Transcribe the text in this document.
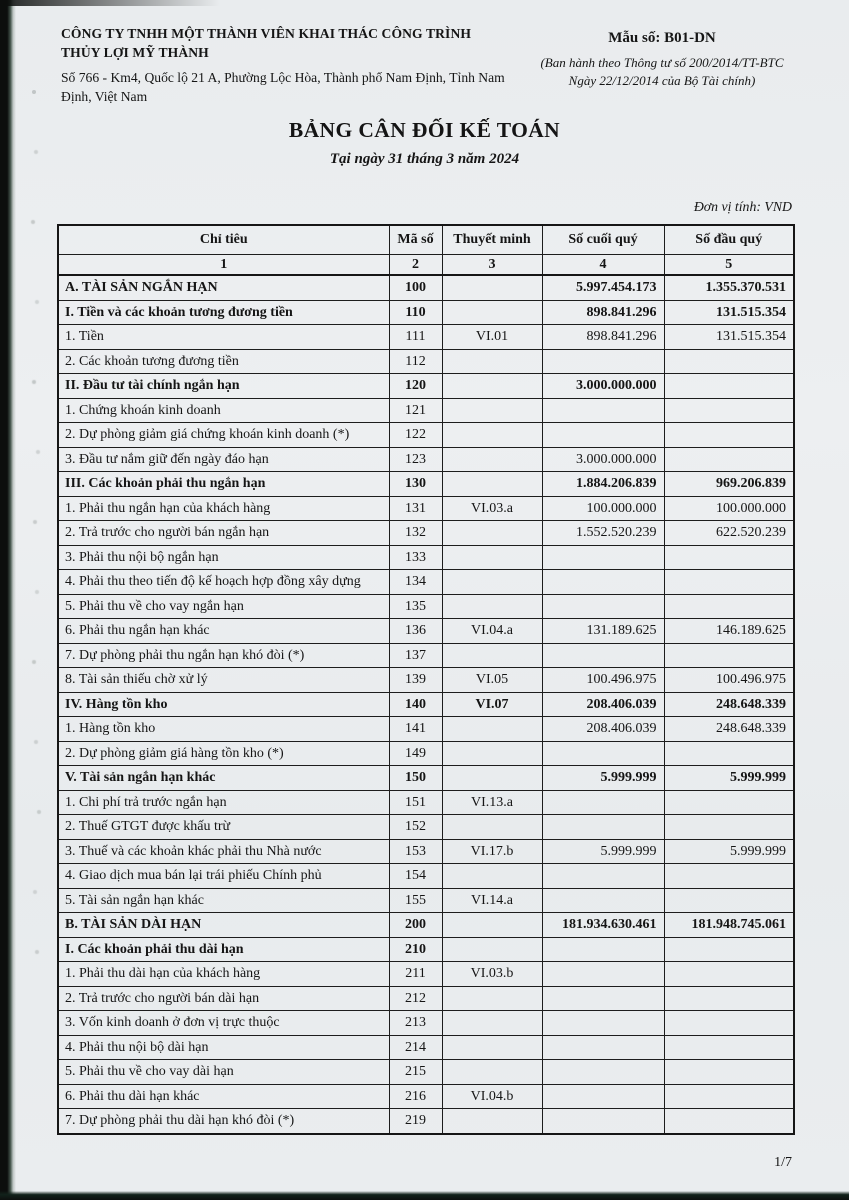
CÔNG TY TNHH MỘT THÀNH VIÊN KHAI THÁC CÔNG TRÌNH THỦY LỢI MỸ THÀNH
Số 766 - Km4, Quốc lộ 21 A, Phường Lộc Hòa, Thành phố Nam Định, Tỉnh Nam Định, Việt Nam
Mẫu số: B01-DN
(Ban hành theo Thông tư số 200/2014/TT-BTC
Ngày 22/12/2014 của Bộ Tài chính)
BẢNG CÂN ĐỐI KẾ TOÁN
Tại ngày 31 tháng 3 năm 2024
Đơn vị tính: VND
Chỉ tiêu	Mã số	Thuyết minh	Số cuối quý	Số đầu quý
1	2	3	4	5
A. TÀI SẢN NGẮN HẠN	100		5.997.454.173	1.355.370.531
I. Tiền và các khoản tương đương tiền	110		898.841.296	131.515.354
1. Tiền	111	VI.01	898.841.296	131.515.354
2. Các khoản tương đương tiền	112			
II. Đầu tư tài chính ngắn hạn	120		3.000.000.000	
1. Chứng khoán kinh doanh	121			
2. Dự phòng giảm giá chứng khoán kinh doanh (*)	122			
3. Đầu tư nắm giữ đến ngày đáo hạn	123		3.000.000.000	
III. Các khoản phải thu ngắn hạn	130		1.884.206.839	969.206.839
1. Phải thu ngắn hạn của khách hàng	131	VI.03.a	100.000.000	100.000.000
2. Trả trước cho người bán ngắn hạn	132		1.552.520.239	622.520.239
3. Phải thu nội bộ ngắn hạn	133			
4. Phải thu theo tiến độ kế hoạch hợp đồng xây dựng	134			
5. Phải thu về cho vay ngắn hạn	135			
6. Phải thu ngắn hạn khác	136	VI.04.a	131.189.625	146.189.625
7. Dự phòng phải thu ngắn hạn khó đòi (*)	137			
8. Tài sản thiếu chờ xử lý	139	VI.05	100.496.975	100.496.975
IV. Hàng tồn kho	140	VI.07	208.406.039	248.648.339
1. Hàng tồn kho	141		208.406.039	248.648.339
2. Dự phòng giảm giá hàng tồn kho (*)	149			
V. Tài sản ngắn hạn khác	150		5.999.999	5.999.999
1. Chi phí trả trước ngắn hạn	151	VI.13.a		
2. Thuế GTGT được khấu trừ	152			
3. Thuế và các khoản khác phải thu Nhà nước	153	VI.17.b	5.999.999	5.999.999
4. Giao dịch mua bán lại trái phiếu Chính phủ	154			
5. Tài sản ngắn hạn khác	155	VI.14.a		
B. TÀI SẢN DÀI HẠN	200		181.934.630.461	181.948.745.061
I. Các khoản phải thu dài hạn	210			
1. Phải thu dài hạn của khách hàng	211	VI.03.b		
2. Trả trước cho người bán dài hạn	212			
3. Vốn kinh doanh ở đơn vị trực thuộc	213			
4. Phải thu nội bộ dài hạn	214			
5. Phải thu về cho vay dài hạn	215			
6. Phải thu dài hạn khác	216	VI.04.b		
7. Dự phòng phải thu dài hạn khó đòi (*)	219			
1/7
